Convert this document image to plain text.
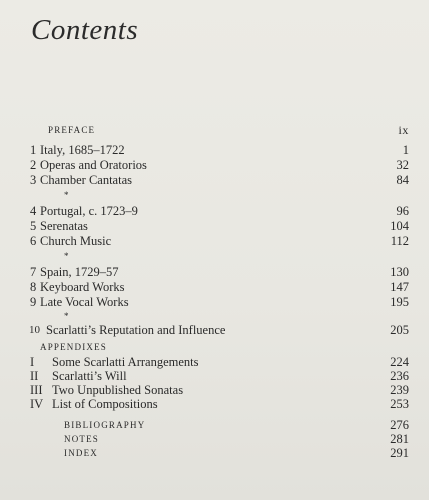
Contents
PREFACE	ix
1 Italy, 1685–1722	1
2 Operas and Oratorios	32
3 Chamber Cantatas	84
*
4 Portugal, c. 1723–9	96
5 Serenatas	104
6 Church Music	112
*
7 Spain, 1729–57	130
8 Keyboard Works	147
9 Late Vocal Works	195
*
10 Scarlatti’s Reputation and Influence	205
APPENDIXES
I Some Scarlatti Arrangements	224
II Scarlatti’s Will	236
III Two Unpublished Sonatas	239
IV List of Compositions	253
BIBLIOGRAPHY	276
NOTES	281
INDEX	291
